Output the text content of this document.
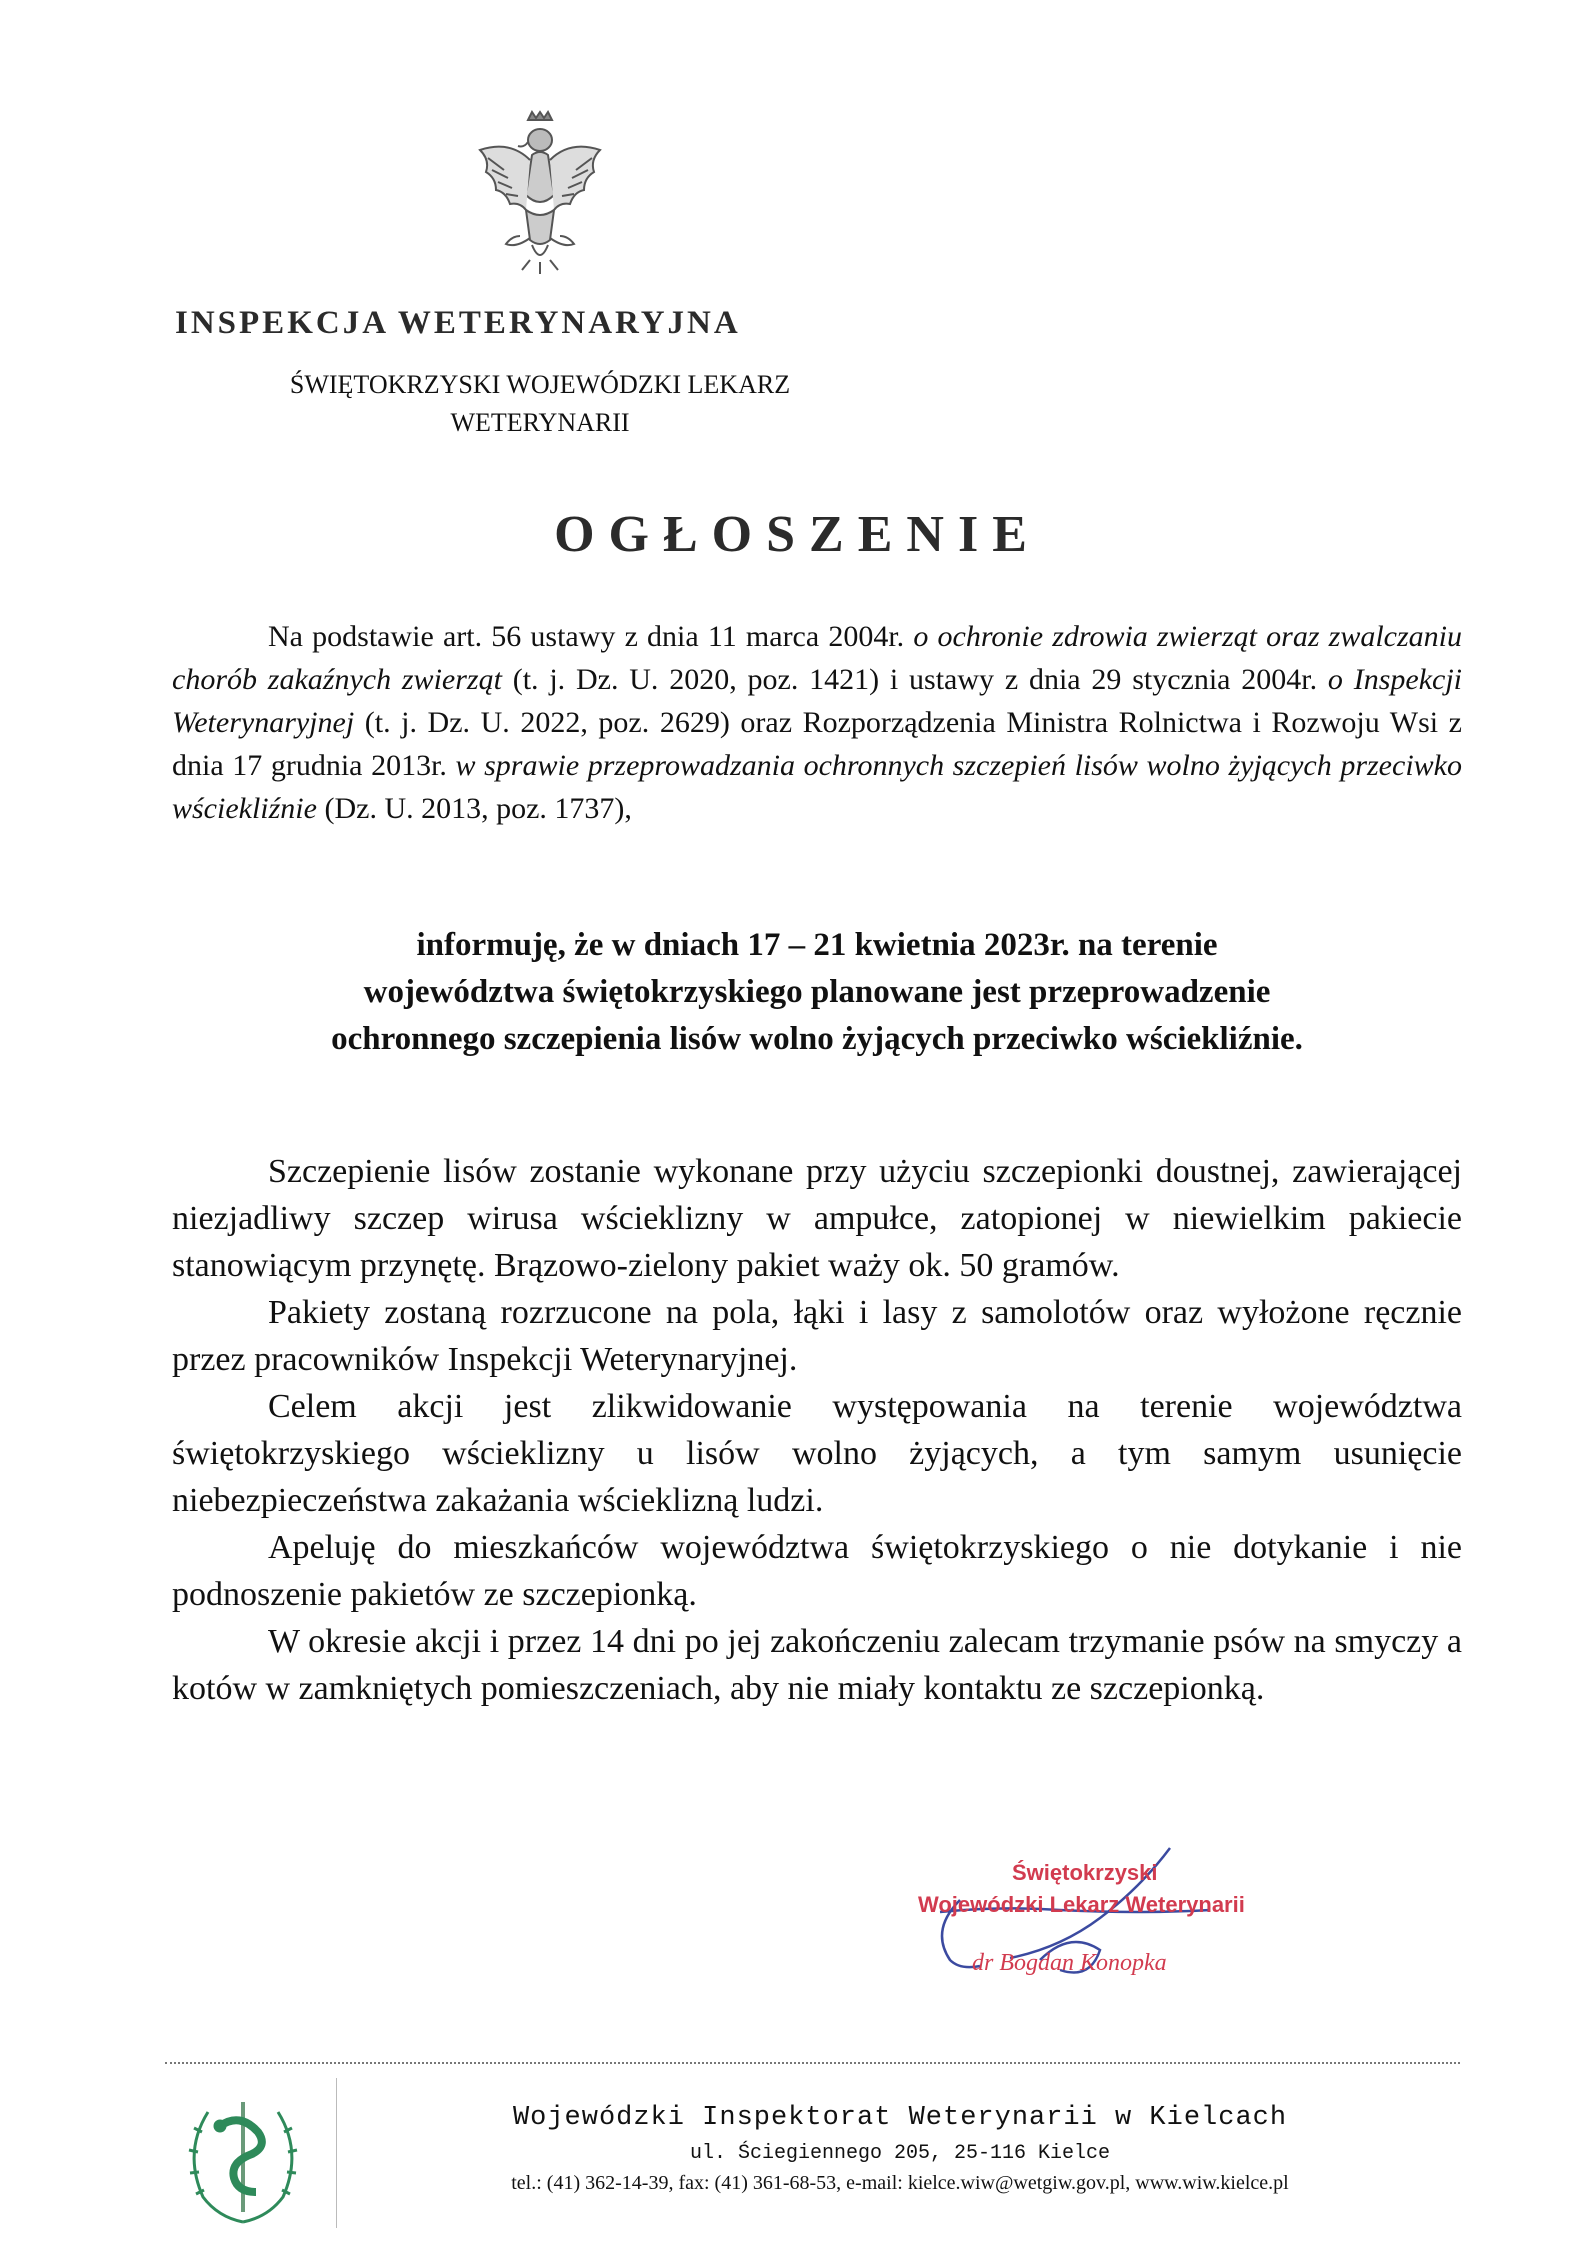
INSPEKCJA WETERYNARYJNA
ŚWIĘTOKRZYSKI WOJEWÓDZKI LEKARZ
WETERYNARII
OGŁOSZENIE
Na podstawie art. 56 ustawy z dnia 11 marca 2004r. o ochronie zdrowia zwierząt oraz zwalczaniu chorób zakaźnych zwierząt (t. j. Dz. U. 2020, poz. 1421) i ustawy z dnia 29 stycznia 2004r. o Inspekcji Weterynaryjnej (t. j. Dz. U. 2022, poz. 2629) oraz Rozporządzenia Ministra Rolnictwa i Rozwoju Wsi z dnia 17 grudnia 2013r. w sprawie przeprowadzania ochronnych szczepień lisów wolno żyjących przeciwko wściekliźnie (Dz. U. 2013, poz. 1737),
informuję, że w dniach 17 – 21 kwietnia 2023r. na terenie
województwa świętokrzyskiego planowane jest przeprowadzenie
ochronnego szczepienia lisów wolno żyjących przeciwko wściekliźnie.

Szczepienie lisów zostanie wykonane przy użyciu szczepionki doustnej, zawierającej niezjadliwy szczep wirusa wścieklizny w ampułce, zatopionej w niewielkim pakiecie stanowiącym przynętę. Brązowo-zielony pakiet waży ok. 50 gramów.

Pakiety zostaną rozrzucone na pola, łąki i lasy z samolotów oraz wyłożone ręcznie przez pracowników Inspekcji Weterynaryjnej.

Celem akcji jest zlikwidowanie występowania na terenie województwa świętokrzyskiego wścieklizny u lisów wolno żyjących, a tym samym usunięcie niebezpieczeństwa zakażania wścieklizną ludzi.

Apeluję do mieszkańców województwa świętokrzyskiego o nie dotykanie i nie podnoszenie pakietów ze szczepionką.

W okresie akcji i przez 14 dni po jej zakończeniu zalecam trzymanie psów na smyczy a kotów w zamkniętych pomieszczeniach, aby nie miały kontaktu ze szczepionką.

Świętokrzyski
Wojewódzki Lekarz Weterynarii
dr Bogdan Konopka
Wojewódzki Inspektorat Weterynarii w Kielcach
ul. Ściegiennego 205, 25-116 Kielce
tel.: (41) 362-14-39, fax: (41) 361-68-53, e-mail: kielce.wiw@wetgiw.gov.pl, www.wiw.kielce.pl
